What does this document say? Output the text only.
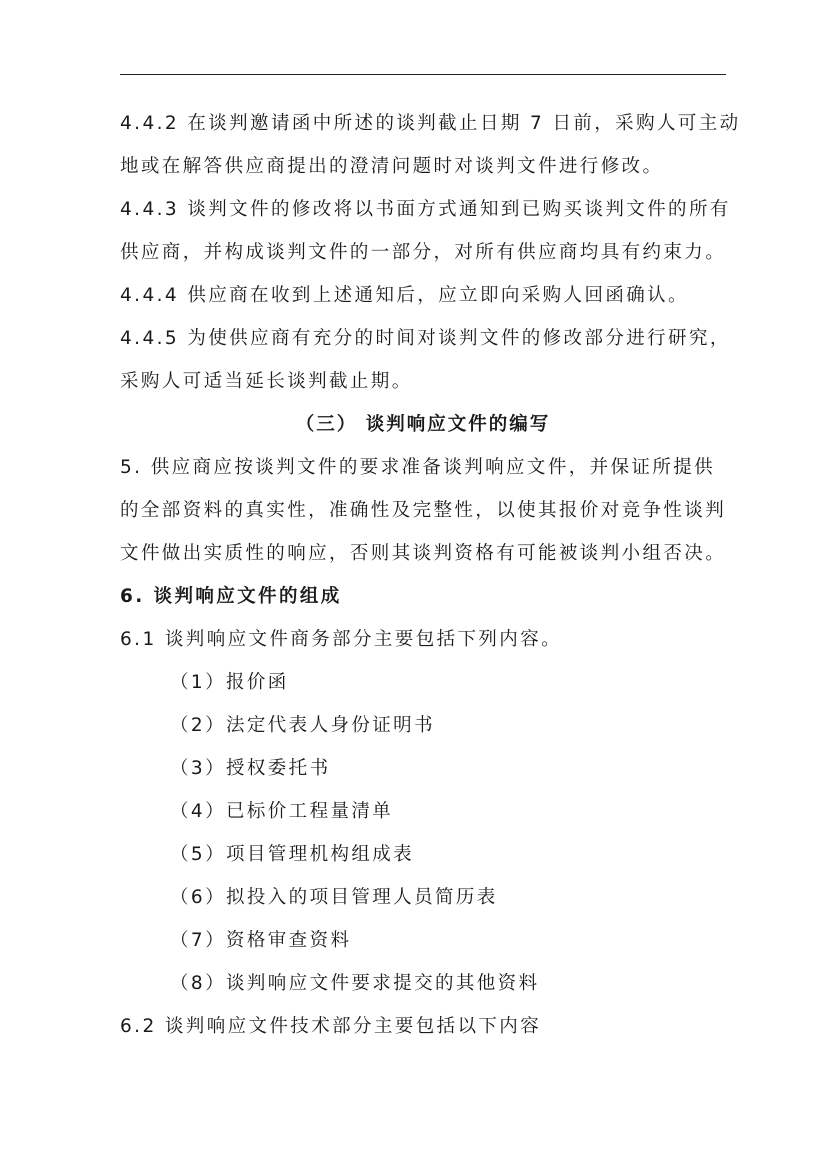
4.4.2 在谈判邀请函中所述的谈判截止日期 7 日前，采购人可主动

地或在解答供应商提出的澄清问题时对谈判文件进行修改。

4.4.3 谈判文件的修改将以书面方式通知到已购买谈判文件的所有

供应商，并构成谈判文件的一部分，对所有供应商均具有约束力。

4.4.4 供应商在收到上述通知后，应立即向采购人回函确认。

4.4.5 为使供应商有充分的时间对谈判文件的修改部分进行研究，

采购人可适当延长谈判截止期。

（三） 谈判响应文件的编写

5. 供应商应按谈判文件的要求准备谈判响应文件，并保证所提供

的全部资料的真实性，准确性及完整性，以使其报价对竞争性谈判

文件做出实质性的响应，否则其谈判资格有可能被谈判小组否决。

6. 谈判响应文件的组成

6.1 谈判响应文件商务部分主要包括下列内容。

（1）报价函

（2）法定代表人身份证明书

（3）授权委托书

（4）已标价工程量清单

（5）项目管理机构组成表

（6）拟投入的项目管理人员简历表

（7）资格审查资料

（8）谈判响应文件要求提交的其他资料

6.2 谈判响应文件技术部分主要包括以下内容
